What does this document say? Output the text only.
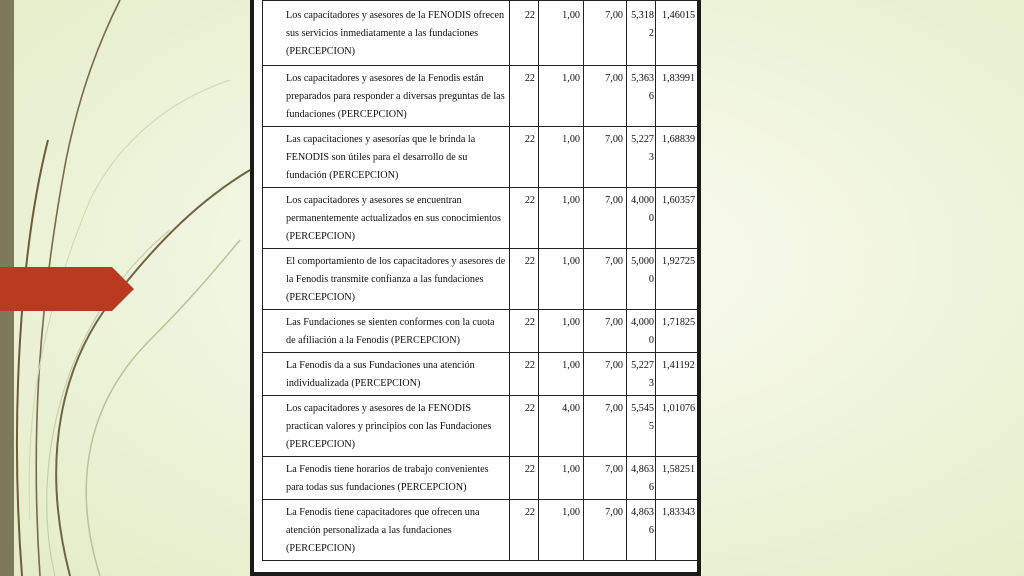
Los capacitadores y asesores de la FENODIS ofrecen sus servicios inmediatamente a las fundaciones (PERCEPCION)	22	1,00	7,00	5,3182	1,46015	
Los capacitadores y asesores de la Fenodis están preparados para responder a diversas preguntas de las fundaciones (PERCEPCION)	22	1,00	7,00	5,3636	1,83991	
Las capacitaciones y asesorías que le brinda la FENODIS son útiles para el desarrollo de su fundación (PERCEPCION)	22	1,00	7,00	5,2273	1,68839	
Los capacitadores y asesores se encuentran permanentemente actualizados en sus conocimientos (PERCEPCION)	22	1,00	7,00	4,0000	1,60357	
El comportamiento de los capacitadores y asesores de la Fenodis transmite confianza a las fundaciones (PERCEPCION)	22	1,00	7,00	5,0000	1,92725	
Las Fundaciones se sienten conformes con la cuota de afiliación a la Fenodis (PERCEPCION)	22	1,00	7,00	4,0000	1,71825	
La Fenodis da a sus Fundaciones una atención individualizada (PERCEPCION)	22	1,00	7,00	5,2273	1,41192	
Los capacitadores y asesores de la FENODIS practican valores y principios con las Fundaciones (PERCEPCION)	22	4,00	7,00	5,5455	1,01076	
La Fenodis tiene horarios de trabajo convenientes para todas sus fundaciones (PERCEPCION)	22	1,00	7,00	4,8636	1,58251	
La Fenodis tiene capacitadores que ofrecen una atención personalizada a las fundaciones (PERCEPCION)	22	1,00	7,00	4,8636	1,83343	
